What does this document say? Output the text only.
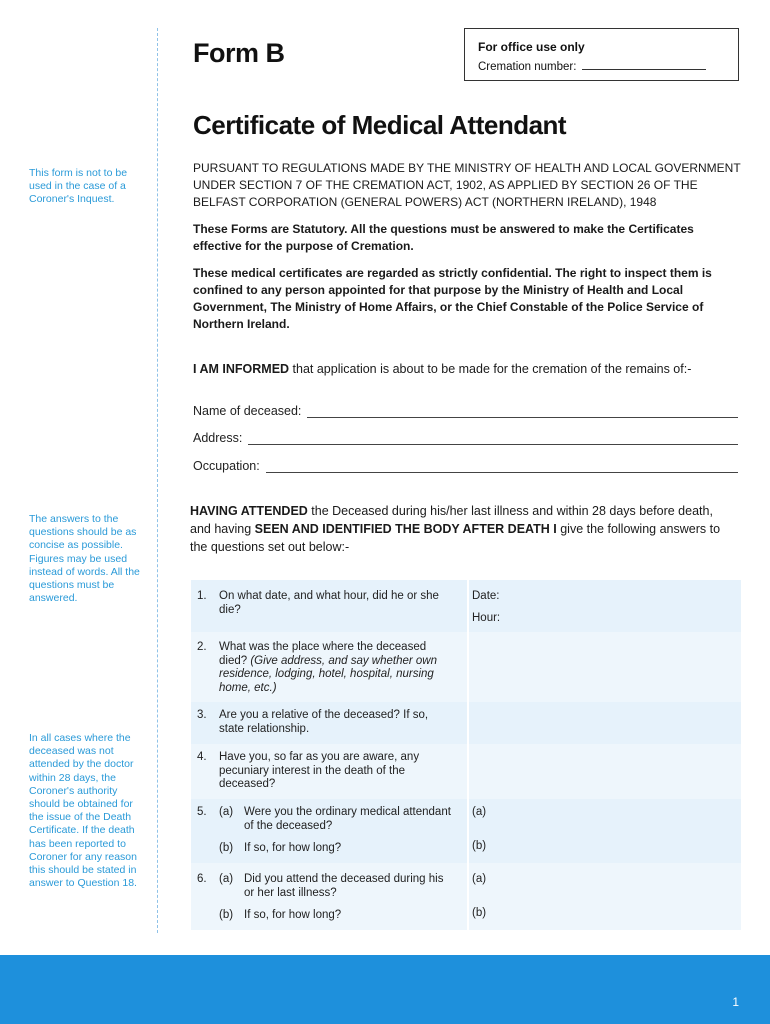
This form is not to be used in the case of a Coroner's Inquest.
The answers to the questions should be as concise as possible. Figures may be used instead of words. All the questions must be answered.
In all cases where the deceased was not attended by the doctor within 28 days, the Coroner's authority should be obtained for the issue of the Death Certificate. If the death has been reported to Coroner for any reason this should be stated in answer to Question 18.
Form B	For office use only
Cremation number:
Certificate of Medical Attendant
PURSUANT TO REGULATIONS MADE BY THE MINISTRY OF HEALTH AND LOCAL GOVERNMENT UNDER SECTION 7 OF THE CREMATION ACT, 1902, AS APPLIED BY SECTION 26 OF THE BELFAST CORPORATION (GENERAL POWERS) ACT (NORTHERN IRELAND), 1948
These Forms are Statutory. All the questions must be answered to make the Certificates effective for the purpose of Cremation.
These medical certificates are regarded as strictly confidential. The right to inspect them is confined to any person appointed for that purpose by the Ministry of Health and Local Government, The Ministry of Home Affairs, or the Chief Constable of the Police Service of Northern Ireland.
I AM INFORMED that application is about to be made for the cremation of the remains of:-
Name of deceased:
Address:
Occupation:
HAVING ATTENDED the Deceased during his/her last illness and within 28 days before death, and having SEEN AND IDENTIFIED THE BODY AFTER DEATH I give the following answers to the questions set out below:-
1. On what date, and what hour, did he or she die?
Date:
Hour:
2. What was the place where the deceased died? (Give address, and say whether own residence, lodging, hotel, hospital, nursing home, etc.)
3. Are you a relative of the deceased? If so, state relationship.
4. Have you, so far as you are aware, any pecuniary interest in the death of the deceased?
5. (a) Were you the ordinary medical attendant of the deceased?
(b) If so, for how long?
(a)
(b)
6. (a) Did you attend the deceased during his or her last illness?
(b) If so, for how long?
(a)
(b)
1
